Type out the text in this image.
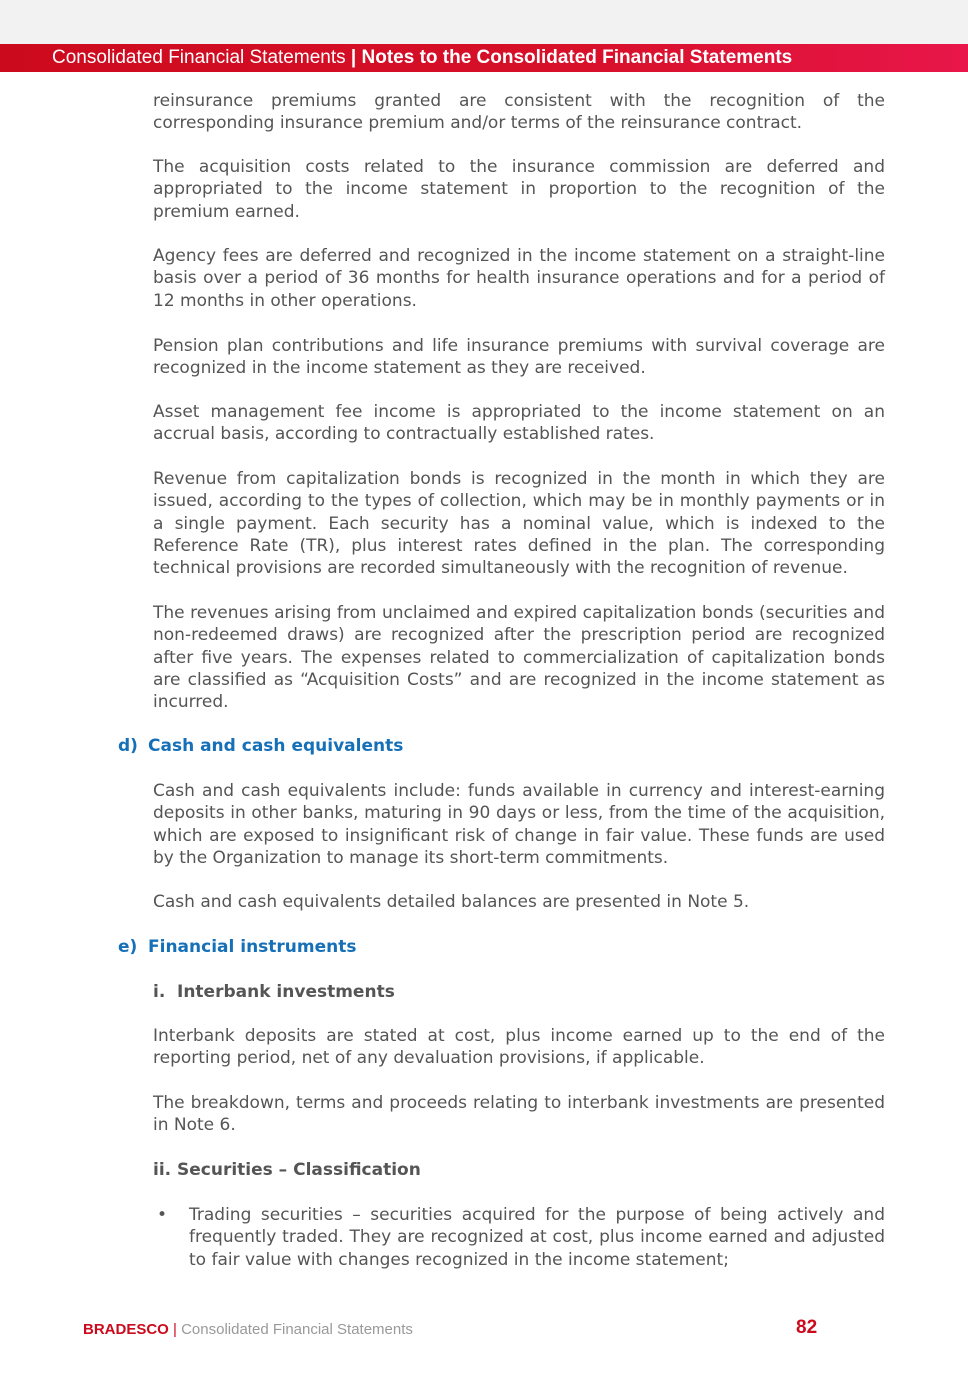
Consolidated Financial Statements | Notes to the Consolidated Financial Statements

reinsurance premiums granted are consistent with the recognition of the corresponding insurance premium and/or terms of the reinsurance contract.

The acquisition costs related to the insurance commission are deferred and appropriated to the income statement in proportion to the recognition of the premium earned.

Agency fees are deferred and recognized in the income statement on a straight-line basis over a period of 36 months for health insurance operations and for a period of 12 months in other operations.

Pension plan contributions and life insurance premiums with survival coverage are recognized in the income statement as they are received.

Asset management fee income is appropriated to the income statement on an accrual basis, according to contractually established rates.

Revenue from capitalization bonds is recognized in the month in which they are issued, according to the types of collection, which may be in monthly payments or in a single payment. Each security has a nominal value, which is indexed to the Reference Rate (TR), plus interest rates defined in the plan. The corresponding technical provisions are recorded simultaneously with the recognition of revenue.

The revenues arising from unclaimed and expired capitalization bonds (securities and non-redeemed draws) are recognized after the prescription period are recognized after five years. The expenses related to commercialization of capitalization bonds are classified as “Acquisition Costs” and are recognized in the income statement as incurred.

d) Cash and cash equivalents

Cash and cash equivalents include: funds available in currency and interest-earning deposits in other banks, maturing in 90 days or less, from the time of the acquisition, which are exposed to insignificant risk of change in fair value. These funds are used by the Organization to manage its short-term commitments.

Cash and cash equivalents detailed balances are presented in Note 5.

e) Financial instruments
i. Interbank investments

Interbank deposits are stated at cost, plus income earned up to the end of the reporting period, net of any devaluation provisions, if applicable.

The breakdown, terms and proceeds relating to interbank investments are presented in Note 6.

ii. Securities – Classification
• Trading securities – securities acquired for the purpose of being actively and frequently traded. They are recognized at cost, plus income earned and adjusted to fair value with changes recognized in the income statement;

BRADESCO | Consolidated Financial Statements	82
